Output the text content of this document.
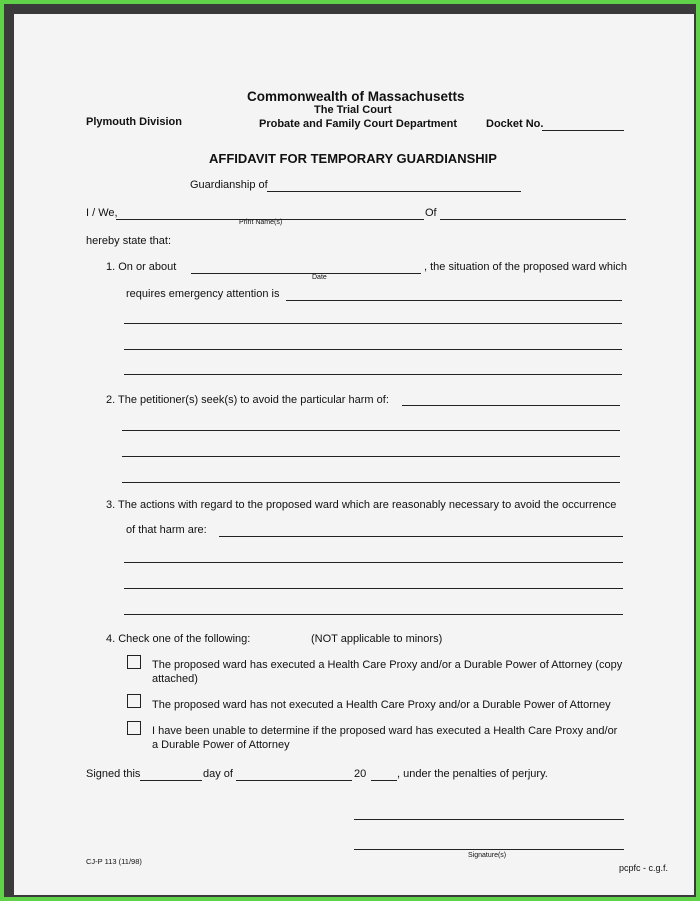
Commonwealth of Massachusetts
The Trial Court
Plymouth Division	Probate and Family Court Department	Docket No.
AFFIDAVIT FOR TEMPORARY GUARDIANSHIP
Guardianship of
I / We,
Print Name(s)
Of
hereby state that:
1. On or about
Date
, the situation of the proposed ward which
requires emergency attention is
2. The petitioner(s) seek(s) to avoid the particular harm of:
3. The actions with regard to the proposed ward which are reasonably necessary to avoid the occurrence
of that harm are:
4. Check one of the following:	(NOT applicable to minors)
The proposed ward has executed a Health Care Proxy and/or a Durable Power of Attorney (copy
attached)
The proposed ward has not executed a Health Care Proxy and/or a Durable Power of Attorney
I have been unable to determine if the proposed ward has executed a Health Care Proxy and/or
a Durable Power of Attorney
Signed this	day of	20	, under the penalties of perjury.
Signature(s)
CJ-P 113 (11/98)
pcpfc - c.g.f.
